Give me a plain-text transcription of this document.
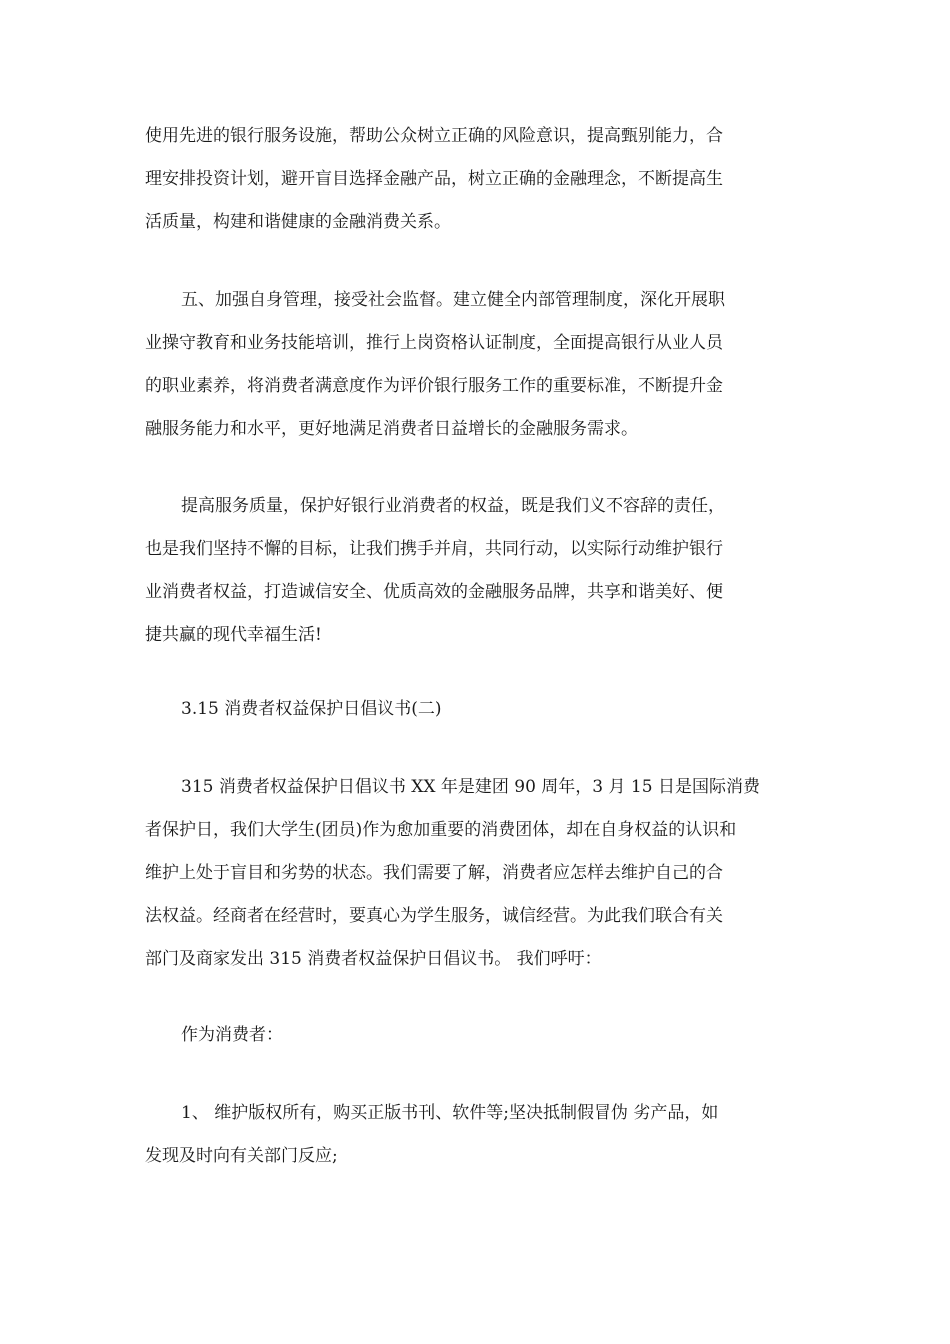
使用先进的银行服务设施，帮助公众树立正确的风险意识，提高甄别能力，合
理安排投资计划，避开盲目选择金融产品，树立正确的金融理念，不断提高生
活质量，构建和谐健康的金融消费关系。
五、加强自身管理，接受社会监督。建立健全内部管理制度，深化开展职
业操守教育和业务技能培训，推行上岗资格认证制度，全面提高银行从业人员
的职业素养，将消费者满意度作为评价银行服务工作的重要标准，不断提升金
融服务能力和水平，更好地满足消费者日益增长的金融服务需求。
提高服务质量，保护好银行业消费者的权益，既是我们义不容辞的责任，
也是我们坚持不懈的目标，让我们携手并肩，共同行动，以实际行动维护银行
业消费者权益，打造诚信安全、优质高效的金融服务品牌，共享和谐美好、便
捷共赢的现代幸福生活!
3.15 消费者权益保护日倡议书(二)
315 消费者权益保护日倡议书 XX 年是建团 90 周年，3 月 15 日是国际消费
者保护日，我们大学生(团员)作为愈加重要的消费团体，却在自身权益的认识和
维护上处于盲目和劣势的状态。我们需要了解，消费者应怎样去维护自己的合
法权益。经商者在经营时，要真心为学生服务，诚信经营。为此我们联合有关
部门及商家发出 315 消费者权益保护日倡议书。 我们呼吁：
作为消费者：
1、 维护版权所有，购买正版书刊、软件等;坚决抵制假冒伪 劣产品，如
发现及时向有关部门反应;
